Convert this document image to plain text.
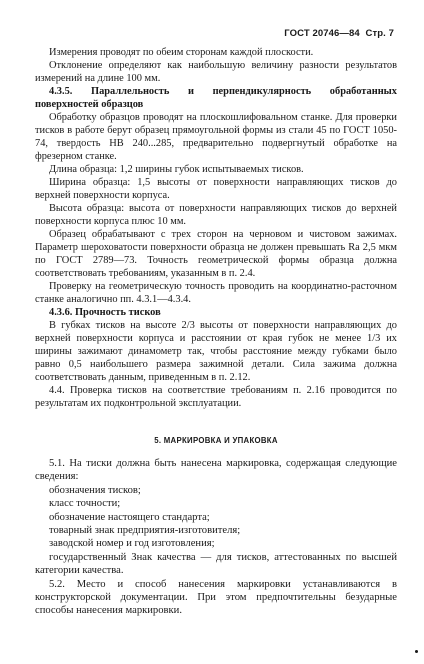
ГОСТ 20746—84 Стр. 7

Измерения проводят по обеим сторонам каждой плоскости.

Отклонение определяют как наибольшую величину разности результатов измерений на длине 100 мм.

4.3.5. Параллельность и перпендикулярность обработанных поверхностей образцов

Обработку образцов проводят на плоскошлифовальном станке. Для проверки тисков в работе берут образец прямоугольной формы из стали 45 по ГОСТ 1050-74, твердость НВ 240...285, предварительно подвергнутый обработке на фрезерном станке.

Длина образца: 1,2 ширины губок испытываемых тисков.

Ширина образца: 1,5 высоты от поверхности направляющих тисков до верхней поверхности корпуса.

Высота образца: высота от поверхности направляющих тисков до верхней поверхности корпуса плюс 10 мм.

Образец обрабатывают с трех сторон на черновом и чистовом зажимах. Параметр шероховатости поверхности образца не должен превышать Ra 2,5 мкм по ГОСТ 2789—73. Точность геометрической формы образца должна соответствовать требованиям, указанным в п. 2.4.

Проверку на геометрическую точность проводить на координатно-расточном станке аналогично пп. 4.3.1—4.3.4.

4.3.6. Прочность тисков

В губках тисков на высоте 2/3 высоты от поверхности направляющих до верхней поверхности корпуса и расстоянии от края губок не менее 1/3 их ширины зажимают динамометр так, чтобы расстояние между губками было равно 0,5 наибольшего размера зажимной детали. Сила зажима должна соответствовать данным, приведенным в п. 2.12.

4.4. Проверка тисков на соответствие требованиям п. 2.16 проводится по результатам их подконтрольной эксплуатации.

5. МАРКИРОВКА И УПАКОВКА

5.1. На тиски должна быть нанесена маркировка, содержащая следующие сведения:

обозначения тисков;

класс точности;

обозначение настоящего стандарта;

товарный знак предприятия-изготовителя;

заводской номер и год изготовления;

государственный Знак качества — для тисков, аттестованных по высшей категории качества.

5.2. Место и способ нанесения маркировки устанавливаются в конструкторской документации. При этом предпочтительны безударные способы нанесения маркировки.
